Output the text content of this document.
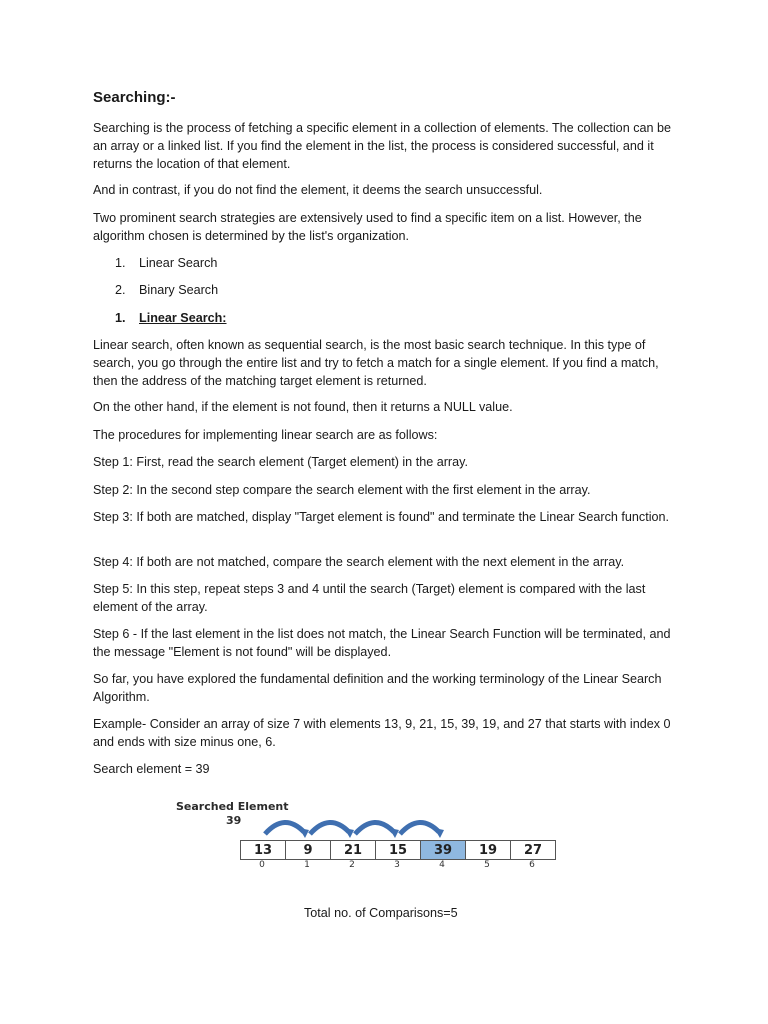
Searching:-

Searching is the process of fetching a specific element in a collection of elements. The collection can be an array or a linked list. If you find the element in the list, the process is considered successful, and it returns the location of that element.

And in contrast, if you do not find the element, it deems the search unsuccessful.

Two prominent search strategies are extensively used to find a specific item on a list. However, the algorithm chosen is determined by the list's organization.

1. Linear Search

2. Binary Search

1. Linear Search:

Linear search, often known as sequential search, is the most basic search technique. In this type of search, you go through the entire list and try to fetch a match for a single element. If you find a match, then the address of the matching target element is returned.

On the other hand, if the element is not found, then it returns a NULL value.

The procedures for implementing linear search are as follows:

Step 1: First, read the search element (Target element) in the array.

Step 2: In the second step compare the search element with the first element in the array.

Step 3: If both are matched, display "Target element is found" and terminate the Linear Search function.

Step 4: If both are not matched, compare the search element with the next element in the array.

Step 5: In this step, repeat steps 3 and 4 until the search (Target) element is compared with the last element of the array.

Step 6 - If the last element in the list does not match, the Linear Search Function will be terminated, and the message "Element is not found" will be displayed.

So far, you have explored the fundamental definition and the working terminology of the Linear Search Algorithm.

Example- Consider an array of size 7 with elements 13, 9, 21, 15, 39, 19, and 27 that starts with index 0 and ends with size minus one, 6.

Search element = 39

Searched Element
39
13	9	21	15	39	19	27
0	1	2	3	4	5	6

Total no. of Comparisons=5
